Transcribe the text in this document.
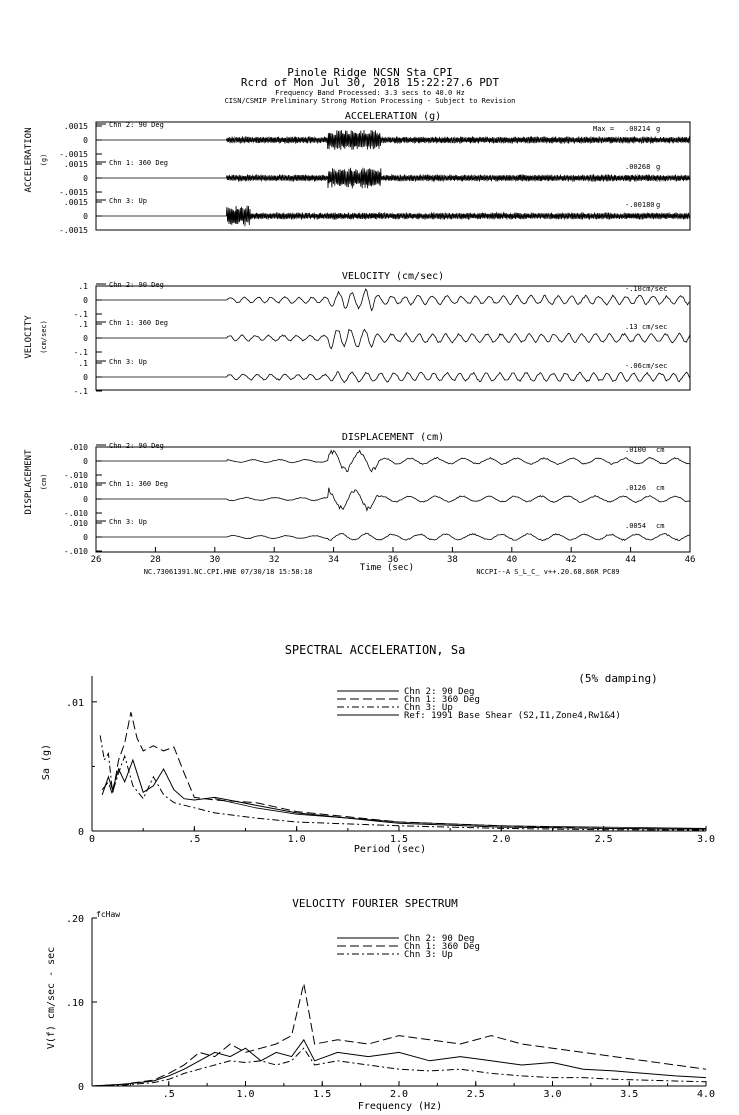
Pinole Ridge NCSN Sta CPI
Rcrd of Mon Jul 30, 2018 15:22:27.6 PDT
Frequency Band Processed: 3.3 secs to 40.0 Hz
CISN/CSMIP Preliminary Strong Motion Processing - Subject to Revision
ACCELERATION (g)
ACCELERATION (g)
.0015
0
-.0015
Chn 2: 90 Deg	Max = .00214 g
.0015
0
-.0015
Chn 1: 360 Deg	.00268 g
.0015
0
-.0015
Chn 3: Up	-.00180 g
VELOCITY (cm/sec)
VELOCITY (cm/sec)
.1
0
-.1
Chn 2: 90 Deg	-.10 cm/sec
.1
0
-.1
Chn 1: 360 Deg	.13 cm/sec
.1
0
-.1
Chn 3: Up	-.06 cm/sec
DISPLACEMENT (cm)
DISPLACEMENT (cm)
.010
0
-.010
Chn 2: 90 Deg	.0100 cm
.010
0
-.010
Chn 1: 360 Deg	.0126 cm
.010
0
-.010
Chn 3: Up	.0054 cm
26	28	30	32	34	36	38	40	42	44	46
NC.73061391.NC.CPI.HNE 07/30/18 15:58:18	Time (sec)	NCCPI--A S_L_C_ v++.20.68.86R PC89
SPECTRAL ACCELERATION, Sa
(5% damping)
Sa (g)
Period (sec)
0	.5	1.0	1.5	2.0	2.5	3.0
0
.01
Chn 2: 90 Deg
Chn 1: 360 Deg
Chn 3: Up
Ref: 1991 Base Shear (S2,I1,Zone4,Rw1&4)
VELOCITY FOURIER SPECTRUM
fcHaw
V(f) cm/sec - sec
Frequency (Hz)
.5	1.0	1.5	2.0	2.5	3.0	3.5	4.0
0
.10
.20
Chn 2: 90 Deg
Chn 1: 360 Deg
Chn 3: Up
